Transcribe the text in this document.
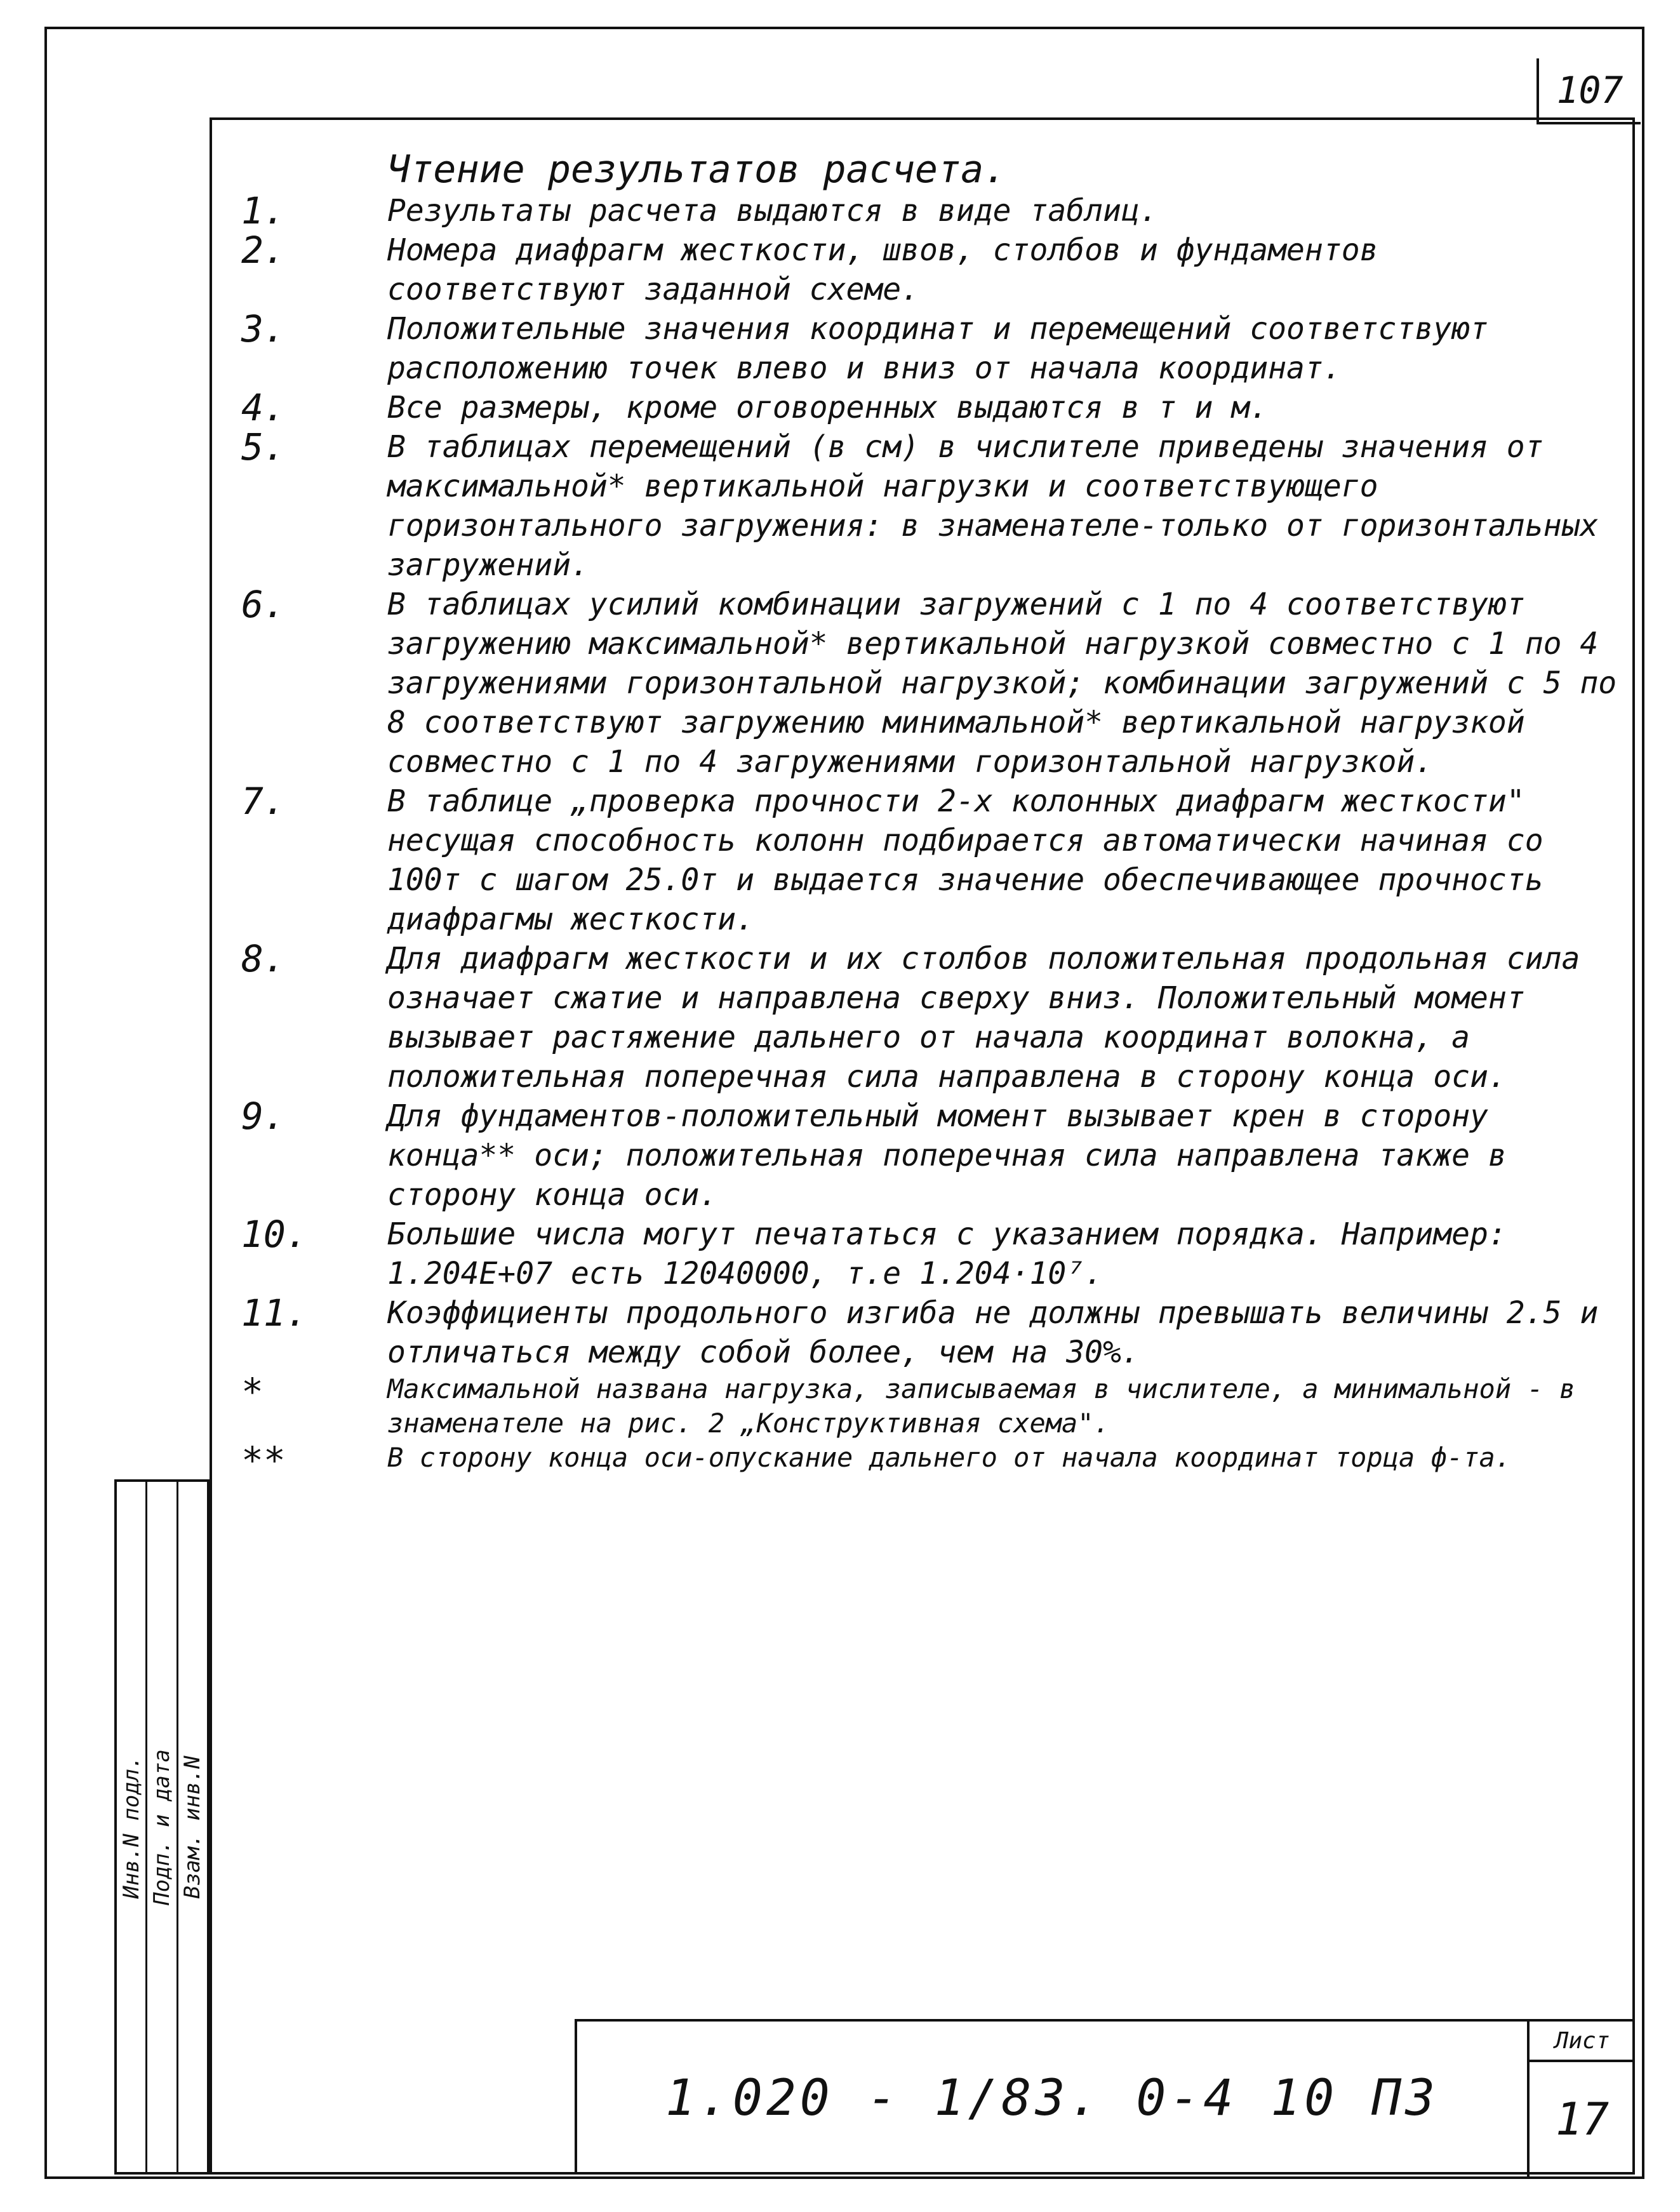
107
Инв.N подл. Подп. и дата Взам. инв.N
Чтение результатов расчета.
1.	Результаты расчета выдаются в виде таблиц.
2.	Номера диафрагм жесткости, швов, столбов и фундаментов соответствуют заданной схеме.
3.	Положительные значения координат и перемещений соответствуют расположению точек влево и вниз от начала координат.
4.	Все размеры, кроме оговоренных выдаются в т и м.
5.	В таблицах перемещений (в см) в числителе приведены значения от максимальной* вертикальной нагрузки и соответствующего горизонтального загружения: в знаменателе-только от горизонтальных загружений.
6.	В таблицах усилий комбинации загружений с 1 по 4 соответствуют загружению максимальной* вертикальной нагрузкой совместно с 1 по 4 загружениями горизонтальной нагрузкой; комбинации загружений с 5 по 8 соответствуют загружению минимальной* вертикальной нагрузкой совместно с 1 по 4 загружениями горизонтальной нагрузкой.
7.	В таблице „проверка прочности 2-х колонных диафрагм жесткости" несущая способность колонн подбирается автоматически начиная со 100т с шагом 25.0т и выдается значение обеспечивающее прочность диафрагмы жесткости.
8.	Для диафрагм жесткости и их столбов положительная продольная сила означает сжатие и направлена сверху вниз. Положительный момент вызывает растяжение дальнего от начала координат волокна, а положительная поперечная сила направлена в сторону конца оси.
9.	Для фундаментов-положительный момент вызывает крен в сторону конца** оси; положительная поперечная сила направлена также в сторону конца оси.
10.	Большие числа могут печататься с указанием порядка. Например: 1.204E+07 есть 12040000, т.е 1.204·10⁷.
11.	Коэффициенты продольного изгиба не должны превышать величины 2.5 и отличаться между собой более, чем на 30%.
*	Максимальной названа нагрузка, записываемая в числителе, а минимальной - в знаменателе на рис. 2 „Конструктивная схема".
**	В сторону конца оси-опускание дальнего от начала координат торца ф-та.
1.020 - 1/83. 0-4 10 ПЗ
Лист
17
